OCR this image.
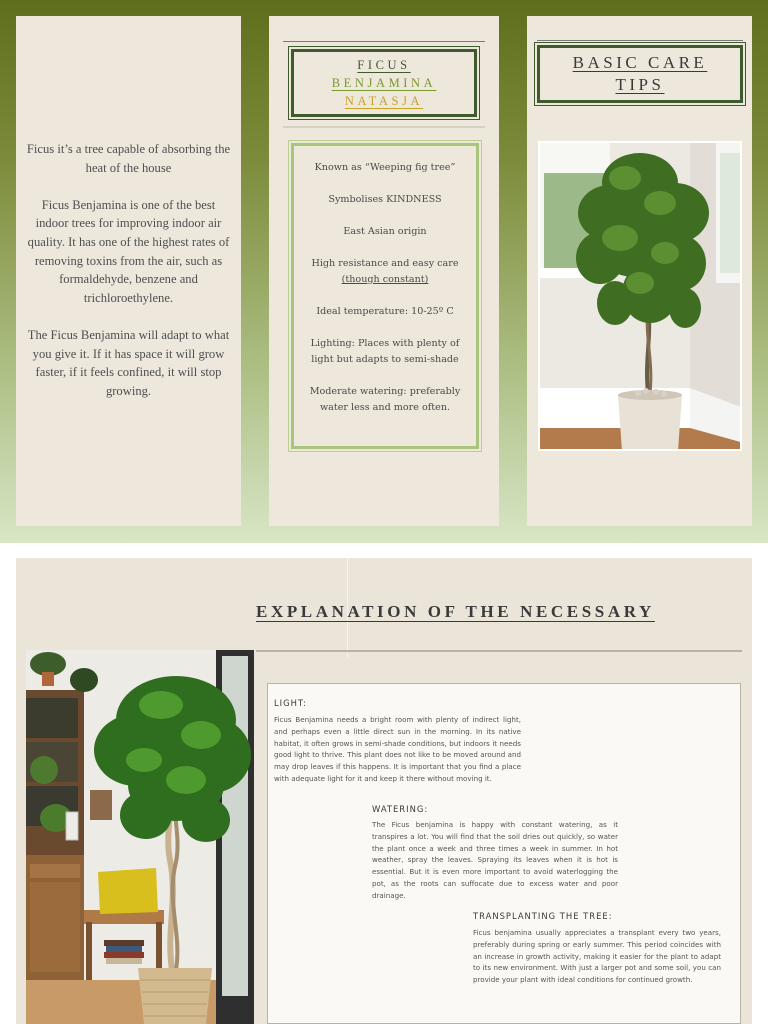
Ficus it’s a tree capable of absorbing the heat of the house

Ficus Benjamina is one of the best indoor trees for improving indoor air quality. It has one of the highest rates of removing toxins from the air, such as formaldehyde, benzene and trichloroethylene.

The Ficus Benjamina will adapt to what you give it. If it has space it will grow faster, if it feels confined, it will stop growing.

FICUS
BENJAMINA
NATASJA

Known as “Weeping fig tree”

Symbolises KINDNESS

East Asian origin

High resistance and easy care
(though constant)

Ideal temperature: 10-25º C

Lighting: Places with plenty of light but adapts to semi-shade

Moderate watering: preferably water less and more often.

BASIC CARE
TIPS
EXPLANATION OF THE NECESSARY
LIGHT:
Ficus Benjamina needs a bright room with plenty of indirect light, and perhaps even a little direct sun in the morning. In its native habitat, it often grows in semi-shade conditions, but indoors it needs good light to thrive. This plant does not like to be moved around and may drop leaves if this happens. It is important that you find a place with adequate light for it and keep it there without moving it.
WATERING:
The Ficus benjamina is happy with constant watering, as it transpires a lot. You will find that the soil dries out quickly, so water the plant once a week and three times a week in summer. In hot weather, spray the leaves. Spraying its leaves when it is hot is essential. But it is even more important to avoid waterlogging the pot, as the roots can suffocate due to excess water and poor drainage.
TRANSPLANTING THE TREE:
Ficus benjamina usually appreciates a transplant every two years, preferably during spring or early summer. This period coincides with an increase in growth activity, making it easier for the plant to adapt to its new environment. With just a larger pot and some soil, you can provide your plant with ideal conditions for continued growth.
